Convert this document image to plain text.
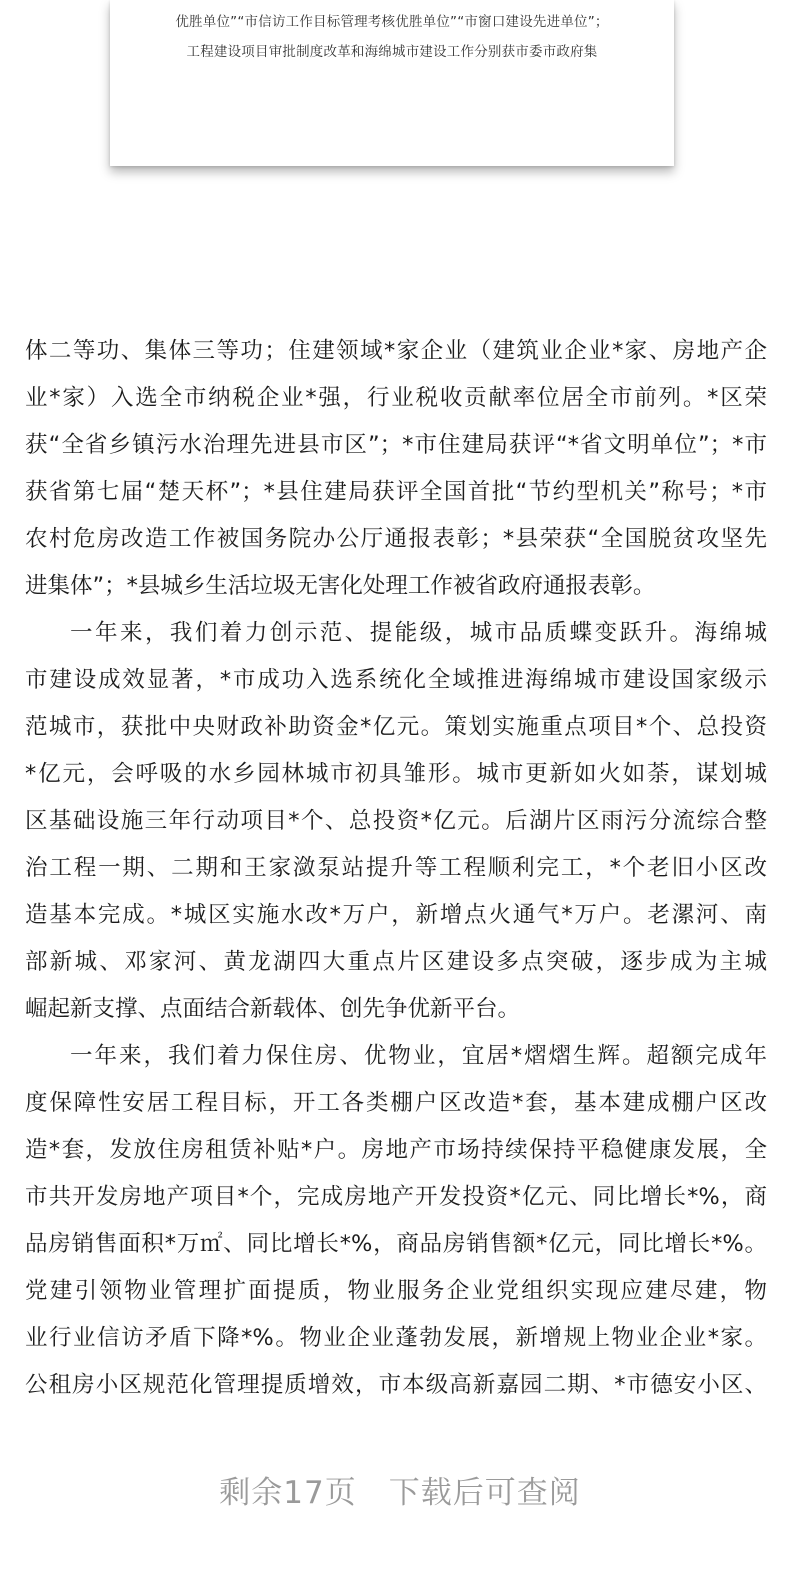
优胜单位”“市信访工作目标管理考核优胜单位”“市窗口建设先进单位”；
工程建设项目审批制度改革和海绵城市建设工作分别获市委市政府集
体二等功、集体三等功；住建领域*家企业（建筑业企业*家、房地产企
业*家）入选全市纳税企业*强，行业税收贡献率位居全市前列。*区荣
获“全省乡镇污水治理先进县市区”；*市住建局获评“*省文明单位”；*市
获省第七届“楚天杯”；*县住建局获评全国首批“节约型机关”称号；*市
农村危房改造工作被国务院办公厅通报表彰；*县荣获“全国脱贫攻坚先
进集体”；*县城乡生活垃圾无害化处理工作被省政府通报表彰。
一年来，我们着力创示范、提能级，城市品质蝶变跃升。海绵城
市建设成效显著，*市成功入选系统化全域推进海绵城市建设国家级示
范城市，获批中央财政补助资金*亿元。策划实施重点项目*个、总投资
*亿元，会呼吸的水乡园林城市初具雏形。城市更新如火如荼，谋划城
区基础设施三年行动项目*个、总投资*亿元。后湖片区雨污分流综合整
治工程一期、二期和王家潋泵站提升等工程顺利完工，*个老旧小区改
造基本完成。*城区实施水改*万户，新增点火通气*万户。老漯河、南
部新城、邓家河、黄龙湖四大重点片区建设多点突破，逐步成为主城
崛起新支撑、点面结合新载体、创先争优新平台。
一年来，我们着力保住房、优物业，宜居*熠熠生辉。超额完成年
度保障性安居工程目标，开工各类棚户区改造*套，基本建成棚户区改
造*套，发放住房租赁补贴*户。房地产市场持续保持平稳健康发展，全
市共开发房地产项目*个，完成房地产开发投资*亿元、同比增长*%，商
品房销售面积*万㎡、同比增长*%，商品房销售额*亿元，同比增长*%。
党建引领物业管理扩面提质，物业服务企业党组织实现应建尽建，物
业行业信访矛盾下降*%。物业企业蓬勃发展，新增规上物业企业*家。
公租房小区规范化管理提质增效，市本级高新嘉园二期、*市德安小区、
剩余17页 下载后可查阅
